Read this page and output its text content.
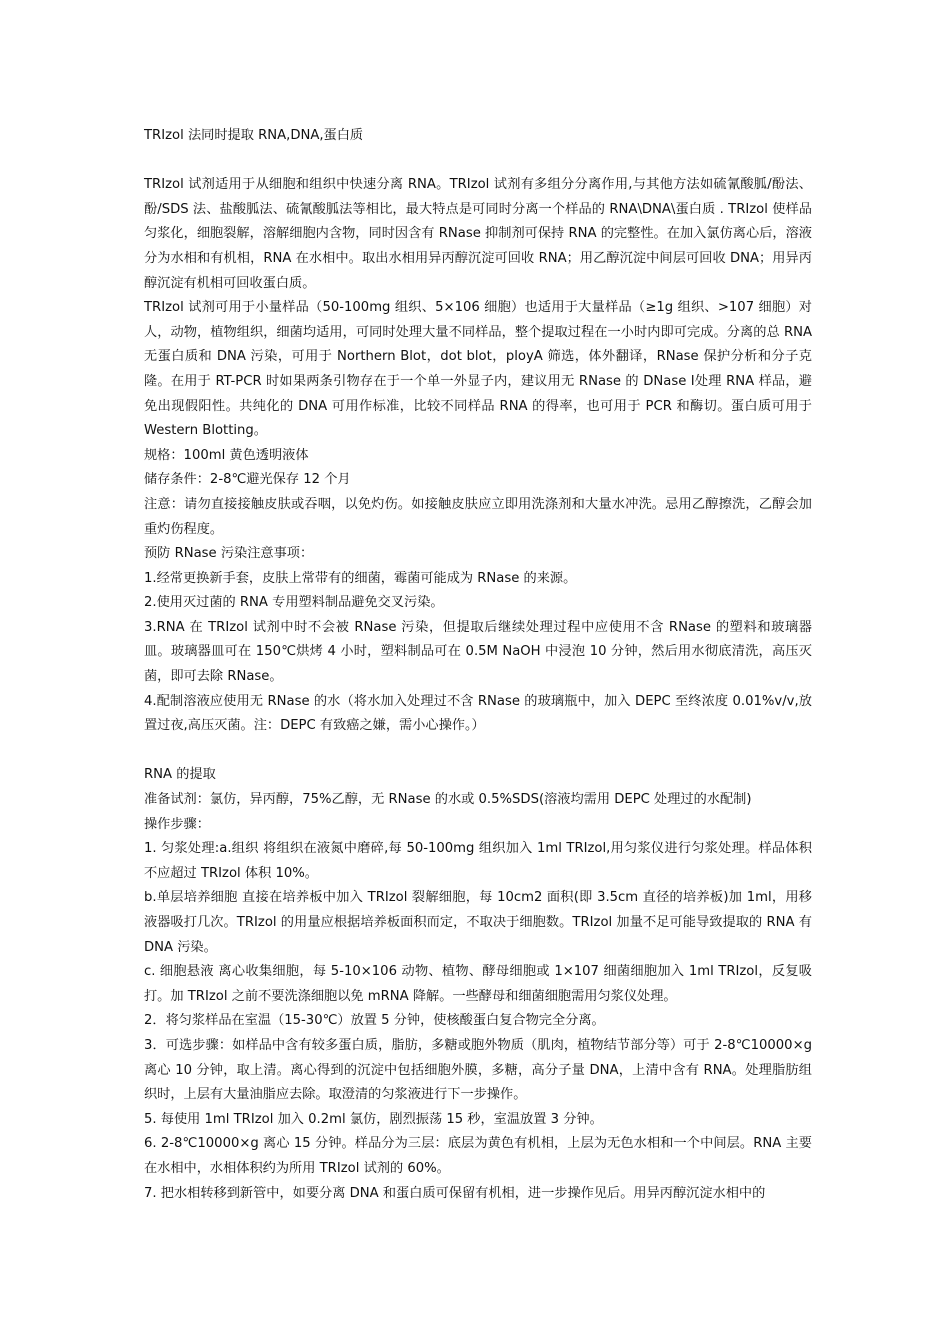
TRIzol 法同时提取 RNA,DNA,蛋白质

TRIzol 试剂适用于从细胞和组织中快速分离 RNA。TRIzol 试剂有多组分分离作用,与其他方法如硫氰酸胍/酚法、酚/SDS 法、盐酸胍法、硫氰酸胍法等相比，最大特点是可同时分离一个样品的 RNA\DNA\蛋白质 . TRIzol 使样品匀浆化，细胞裂解，溶解细胞内含物，同时因含有 RNase 抑制剂可保持 RNA 的完整性。在加入氯仿离心后，溶液分为水相和有机相，RNA 在水相中。取出水相用异丙醇沉淀可回收 RNA；用乙醇沉淀中间层可回收 DNA；用异丙醇沉淀有机相可回收蛋白质。

TRIzol 试剂可用于小量样品（50-100mg 组织、5×106 细胞）也适用于大量样品（≥1g 组织、>107 细胞）对人，动物，植物组织，细菌均适用，可同时处理大量不同样品，整个提取过程在一小时内即可完成。分离的总 RNA 无蛋白质和 DNA 污染，可用于 Northern Blot，dot blot，ployA 筛选，体外翻译，RNase 保护分析和分子克隆。在用于 RT-PCR 时如果两条引物存在于一个单一外显子内，建议用无 RNase 的 DNase Ⅰ处理 RNA 样品，避免出现假阳性。共纯化的 DNA 可用作标准，比较不同样品 RNA 的得率，也可用于 PCR 和酶切。蛋白质可用于 Western Blotting。

规格：100ml 黄色透明液体

储存条件：2-8℃避光保存 12 个月

注意：请勿直接接触皮肤或吞咽，以免灼伤。如接触皮肤应立即用洗涤剂和大量水冲洗。忌用乙醇擦洗，乙醇会加重灼伤程度。

预防 RNase 污染注意事项：

1.经常更换新手套，皮肤上常带有的细菌，霉菌可能成为 RNase 的来源。

2.使用灭过菌的 RNA 专用塑料制品避免交叉污染。

3.RNA 在 TRIzol 试剂中时不会被 RNase 污染，但提取后继续处理过程中应使用不含 RNase 的塑料和玻璃器皿。玻璃器皿可在 150℃烘烤 4 小时，塑料制品可在 0.5M NaOH 中浸泡 10 分钟，然后用水彻底清洗，高压灭菌，即可去除 RNase。

4.配制溶液应使用无 RNase 的水（将水加入处理过不含 RNase 的玻璃瓶中，加入 DEPC 至终浓度 0.01%v/v,放置过夜,高压灭菌。注：DEPC 有致癌之嫌，需小心操作。）

RNA 的提取

准备试剂：氯仿，异丙醇，75%乙醇，无 RNase 的水或 0.5%SDS(溶液均需用 DEPC 处理过的水配制)

操作步骤：

1. 匀浆处理:a.组织 将组织在液氮中磨碎,每 50-100mg 组织加入 1ml TRIzol,用匀浆仪进行匀浆处理。样品体积不应超过 TRIzol 体积 10%。

b.单层培养细胞 直接在培养板中加入 TRIzol 裂解细胞，每 10cm2 面积(即 3.5cm 直径的培养板)加 1ml，用移液器吸打几次。TRIzol 的用量应根据培养板面积而定，不取决于细胞数。TRIzol 加量不足可能导致提取的 RNA 有 DNA 污染。

c. 细胞悬液 离心收集细胞，每 5-10×106 动物、植物、酵母细胞或 1×107 细菌细胞加入 1ml TRIzol，反复吸打。加 TRIzol 之前不要洗涤细胞以免 mRNA 降解。一些酵母和细菌细胞需用匀浆仪处理。

2．将匀浆样品在室温（15-30℃）放置 5 分钟，使核酸蛋白复合物完全分离。

3．可选步骤：如样品中含有较多蛋白质，脂肪，多糖或胞外物质（肌肉，植物结节部分等）可于 2-8℃10000×g 离心 10 分钟，取上清。离心得到的沉淀中包括细胞外膜，多糖，高分子量 DNA，上清中含有 RNA。处理脂肪组织时，上层有大量油脂应去除。取澄清的匀浆液进行下一步操作。

5. 每使用 1ml TRIzol 加入 0.2ml 氯仿，剧烈振荡 15 秒，室温放置 3 分钟。

6. 2-8℃10000×g 离心 15 分钟。样品分为三层：底层为黄色有机相，上层为无色水相和一个中间层。RNA 主要在水相中，水相体积约为所用 TRIzol 试剂的 60%。

7. 把水相转移到新管中，如要分离 DNA 和蛋白质可保留有机相，进一步操作见后。用异丙醇沉淀水相中的
